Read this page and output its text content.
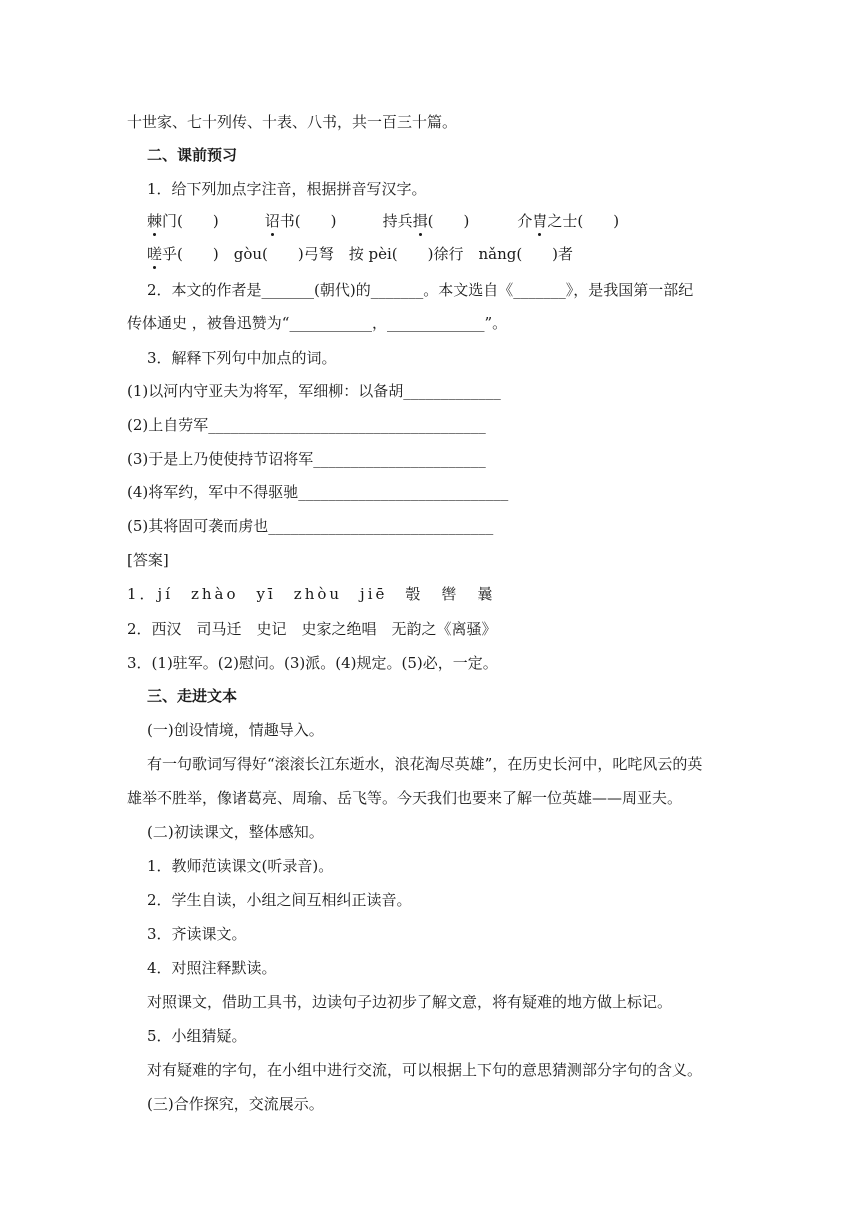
十世家、七十列传、十表、八书，共一百三十篇。
二、课前预习
1．给下列加点字注音，根据拼音写汉字。
棘门(　　)	诏书(　　)	持兵揖(　　)	介胄之士(　　)
嗟乎(　　)　gòu(　　)弓弩　按 pèi(　　)徐行　nǎng(　　)者
2．本文的作者是_______(朝代)的_______。本文选自《_______》，是我国第一部纪
传体通史 ，被鲁迅赞为“___________，_____________”。
3．解释下列句中加点的词。
(1)以河内守亚夫为将军，军细柳：以备胡_____________
(2)上自劳军_____________________________________
(3)于是上乃使使持节诏将军_______________________
(4)将军约，军中不得驱驰____________________________
(5)其将固可袭而虏也______________________________
[答案]
1．jí　zhào　yī　zhòu　jiē　彀　辔　曩
2．西汉　司马迁　史记　史家之绝唱　无韵之《离骚》
3．(1)驻军。(2)慰问。(3)派。(4)规定。(5)必，一定。
三、走进文本
(一)创设情境，情趣导入。
有一句歌词写得好“滚滚长江东逝水，浪花淘尽英雄”，在历史长河中，叱咤风云的英
雄举不胜举，像诸葛亮、周瑜、岳飞等。今天我们也要来了解一位英雄——周亚夫。
(二)初读课文，整体感知。
1．教师范读课文(听录音)。
2．学生自读，小组之间互相纠正读音。
3．齐读课文。
4．对照注释默读。
对照课文，借助工具书，边读句子边初步了解文意，将有疑难的地方做上标记。
5．小组猜疑。
对有疑难的字句，在小组中进行交流，可以根据上下句的意思猜测部分字句的含义。
(三)合作探究，交流展示。
